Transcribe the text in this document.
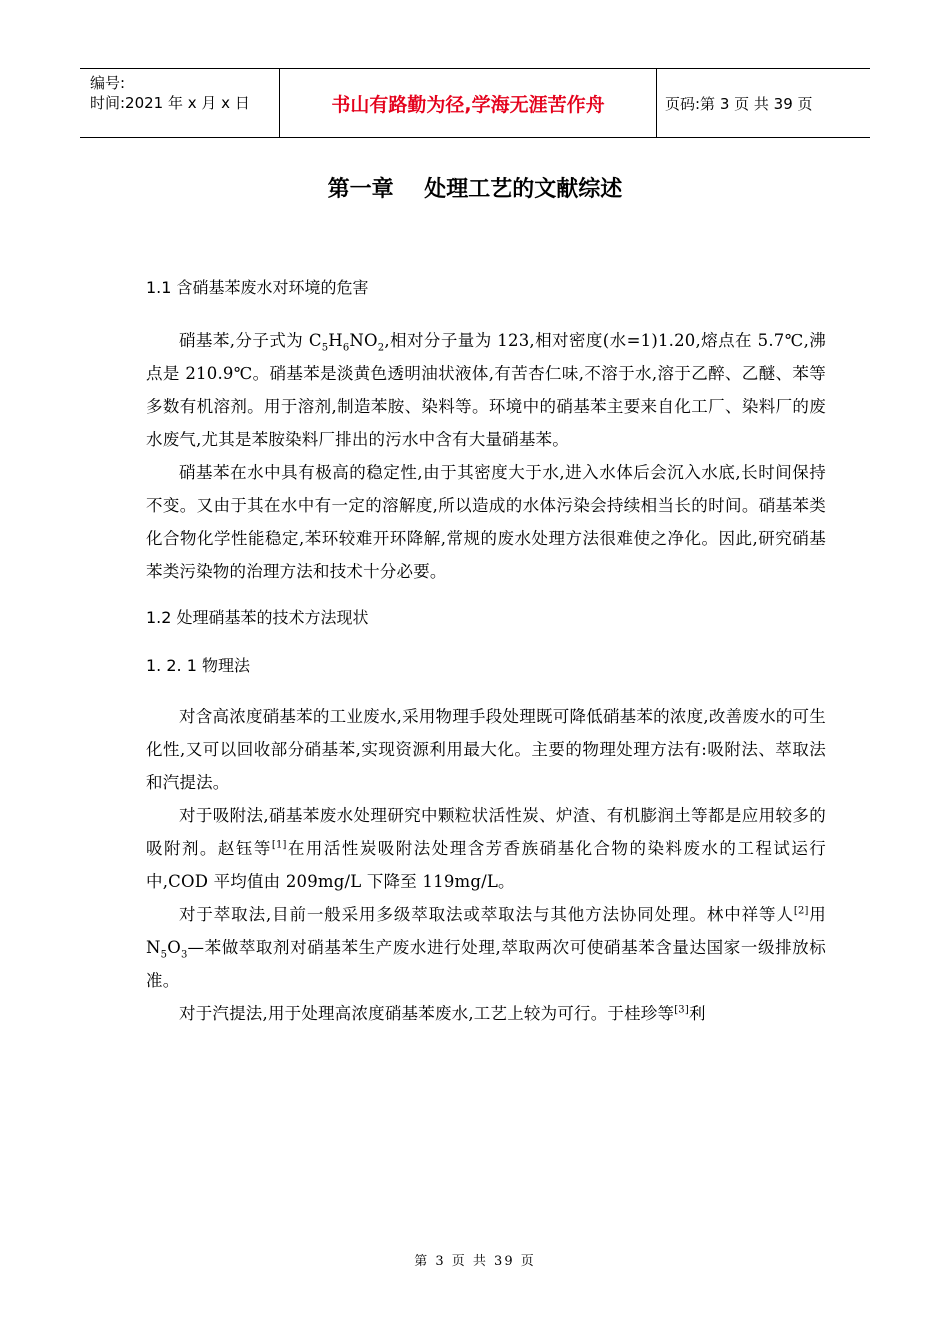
编号:
时间:2021 年 x 月 x 日	书山有路勤为径,学海无涯苦作舟	页码:第 3 页 共 39 页
第一章    处理工艺的文献综述
1.1 含硝基苯废水对环境的危害

硝基苯,分子式为 $C_5H_6NO_2$,相对分子量为 123,相对密度(水=1)1.20,熔点在 5.7℃,沸点是 210.9℃。硝基苯是淡黄色透明油状液体,有苦杏仁味,不溶于水,溶于乙醉、乙醚、苯等多数有机溶剂。用于溶剂,制造苯胺、染料等。环境中的硝基苯主要来自化工厂、染料厂的废水废气,尤其是苯胺染料厂排出的污水中含有大量硝基苯。

硝基苯在水中具有极高的稳定性,由于其密度大于水,进入水体后会沉入水底,长时间保持不变。又由于其在水中有一定的溶解度,所以造成的水体污染会持续相当长的时间。硝基苯类化合物化学性能稳定,苯环较难开环降解,常规的废水处理方法很难使之净化。因此,研究硝基苯类污染物的治理方法和技术十分必要。

1.2 处理硝基苯的技术方法现状
1. 2. 1 物理法

对含高浓度硝基苯的工业废水,采用物理手段处理既可降低硝基苯的浓度,改善废水的可生化性,又可以回收部分硝基苯,实现资源利用最大化。主要的物理处理方法有:吸附法、萃取法和汽提法。

对于吸附法,硝基苯废水处理研究中颗粒状活性炭、炉渣、有机膨润土等都是应用较多的吸附剂。赵钰等[1]在用活性炭吸附法处理含芳香族硝基化合物的染料废水的工程试运行中,COD 平均值由 209mg/L 下降至 119mg/L。

对于萃取法,目前一般采用多级萃取法或萃取法与其他方法协同处理。林中祥等人[2]用 $N_5O_3—$苯做萃取剂对硝基苯生产废水进行处理,萃取两次可使硝基苯含量达国家一级排放标准。

对于汽提法,用于处理高浓度硝基苯废水,工艺上较为可行。于桂珍等[3]利

第 3 页 共 39 页
